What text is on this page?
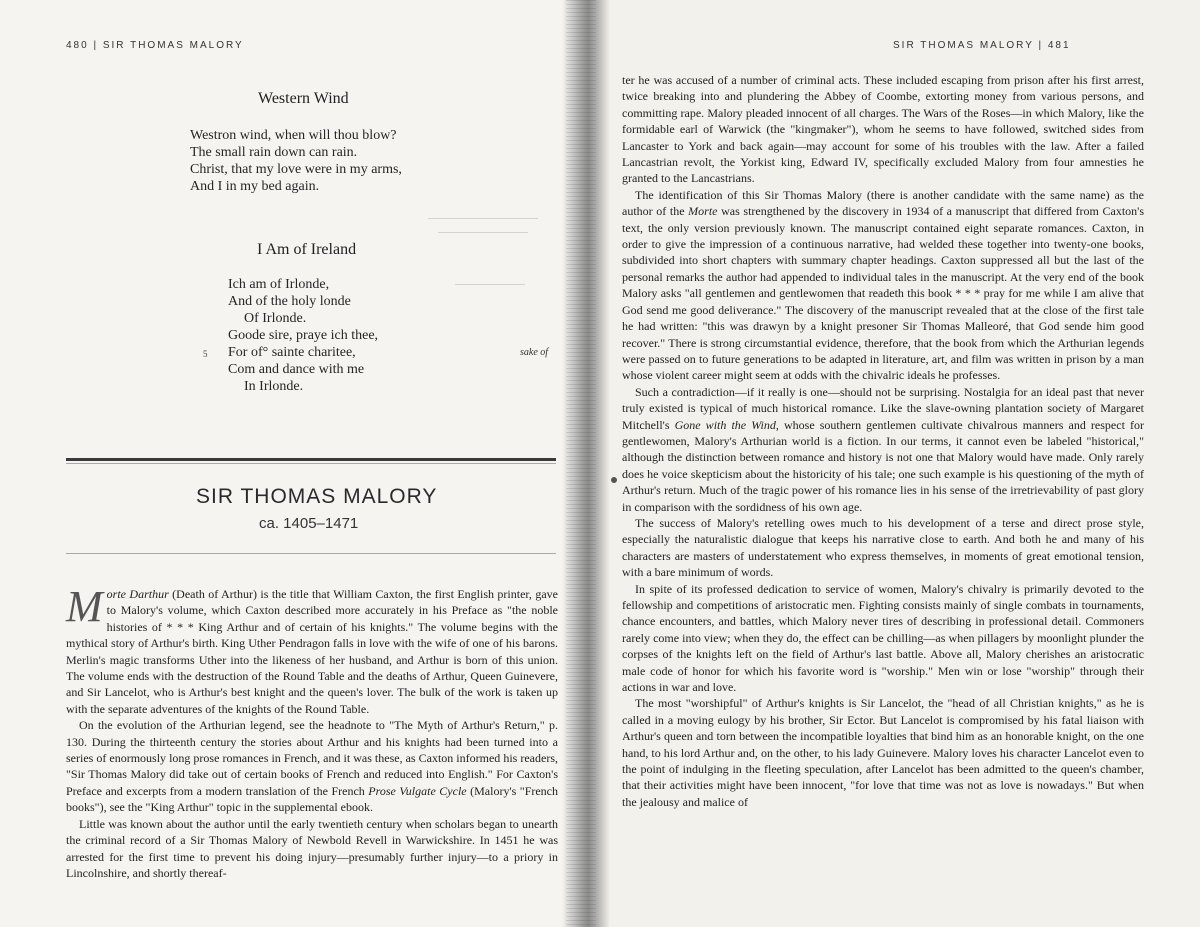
480 | SIR THOMAS MALORY
Western Wind
Westron wind, when will thou blow?
The small rain down can rain.
Christ, that my love were in my arms,
And I in my bed again.
I Am of Ireland
Ich am of Irlonde,
And of the holy londe
Of Irlonde.
Goode sire, praye ich thee,
For of° sainte charitee,
Com and dance with me
In Irlonde.
5	sake of
SIR THOMAS MALORY
ca. 1405–1471

Morte Darthur (Death of Arthur) is the title that William Caxton, the first English printer, gave to Malory's volume, which Caxton described more accurately in his Preface as "the noble histories of * * * King Arthur and of certain of his knights." The volume begins with the mythical story of Arthur's birth. King Uther Pendragon falls in love with the wife of one of his barons. Merlin's magic transforms Uther into the likeness of her husband, and Arthur is born of this union. The volume ends with the destruction of the Round Table and the deaths of Arthur, Queen Guinevere, and Sir Lancelot, who is Arthur's best knight and the queen's lover. The bulk of the work is taken up with the separate adventures of the knights of the Round Table.

On the evolution of the Arthurian legend, see the headnote to "The Myth of Arthur's Return," p. 130. During the thirteenth century the stories about Arthur and his knights had been turned into a series of enormously long prose romances in French, and it was these, as Caxton informed his readers, "Sir Thomas Malory did take out of certain books of French and reduced into English." For Caxton's Preface and excerpts from a modern translation of the French Prose Vulgate Cycle (Malory's "French books"), see the "King Arthur" topic in the supplemental ebook.

Little was known about the author until the early twentieth century when scholars began to unearth the criminal record of a Sir Thomas Malory of Newbold Revell in Warwickshire. In 1451 he was arrested for the first time to prevent his doing injury—presumably further injury—to a priory in Lincolnshire, and shortly thereaf-

SIR THOMAS MALORY | 481

ter he was accused of a number of criminal acts. These included escaping from prison after his first arrest, twice breaking into and plundering the Abbey of Coombe, extorting money from various persons, and committing rape. Malory pleaded innocent of all charges. The Wars of the Roses—in which Malory, like the formidable earl of Warwick (the "kingmaker"), whom he seems to have followed, switched sides from Lancaster to York and back again—may account for some of his troubles with the law. After a failed Lancastrian revolt, the Yorkist king, Edward IV, specifically excluded Malory from four amnesties he granted to the Lancastrians.

The identification of this Sir Thomas Malory (there is another candidate with the same name) as the author of the Morte was strengthened by the discovery in 1934 of a manuscript that differed from Caxton's text, the only version previously known. The manuscript contained eight separate romances. Caxton, in order to give the impression of a continuous narrative, had welded these together into twenty-one books, subdivided into short chapters with summary chapter headings. Caxton suppressed all but the last of the personal remarks the author had appended to individual tales in the manuscript. At the very end of the book Malory asks "all gentlemen and gentlewomen that readeth this book * * * pray for me while I am alive that God send me good deliverance." The discovery of the manuscript revealed that at the close of the first tale he had written: "this was drawyn by a knight presoner Sir Thomas Malleoré, that God sende him good recover." There is strong circumstantial evidence, therefore, that the book from which the Arthurian legends were passed on to future generations to be adapted in literature, art, and film was written in prison by a man whose violent career might seem at odds with the chivalric ideals he professes.

Such a contradiction—if it really is one—should not be surprising. Nostalgia for an ideal past that never truly existed is typical of much historical romance. Like the slave-owning plantation society of Margaret Mitchell's Gone with the Wind, whose southern gentlemen cultivate chivalrous manners and respect for gentlewomen, Malory's Arthurian world is a fiction. In our terms, it cannot even be labeled "historical," although the distinction between romance and history is not one that Malory would have made. Only rarely does he voice skepticism about the historicity of his tale; one such example is his questioning of the myth of Arthur's return. Much of the tragic power of his romance lies in his sense of the irretrievability of past glory in comparison with the sordidness of his own age.

The success of Malory's retelling owes much to his development of a terse and direct prose style, especially the naturalistic dialogue that keeps his narrative close to earth. And both he and many of his characters are masters of understatement who express themselves, in moments of great emotional tension, with a bare minimum of words.

In spite of its professed dedication to service of women, Malory's chivalry is primarily devoted to the fellowship and competitions of aristocratic men. Fighting consists mainly of single combats in tournaments, chance encounters, and battles, which Malory never tires of describing in professional detail. Commoners rarely come into view; when they do, the effect can be chilling—as when pillagers by moonlight plunder the corpses of the knights left on the field of Arthur's last battle. Above all, Malory cherishes an aristocratic male code of honor for which his favorite word is "worship." Men win or lose "worship" through their actions in war and love.

The most "worshipful" of Arthur's knights is Sir Lancelot, the "head of all Christian knights," as he is called in a moving eulogy by his brother, Sir Ector. But Lancelot is compromised by his fatal liaison with Arthur's queen and torn between the incompatible loyalties that bind him as an honorable knight, on the one hand, to his lord Arthur and, on the other, to his lady Guinevere. Malory loves his character Lancelot even to the point of indulging in the fleeting speculation, after Lancelot has been admitted to the queen's chamber, that their activities might have been innocent, "for love that time was not as love is nowadays." But when the jealousy and malice of
